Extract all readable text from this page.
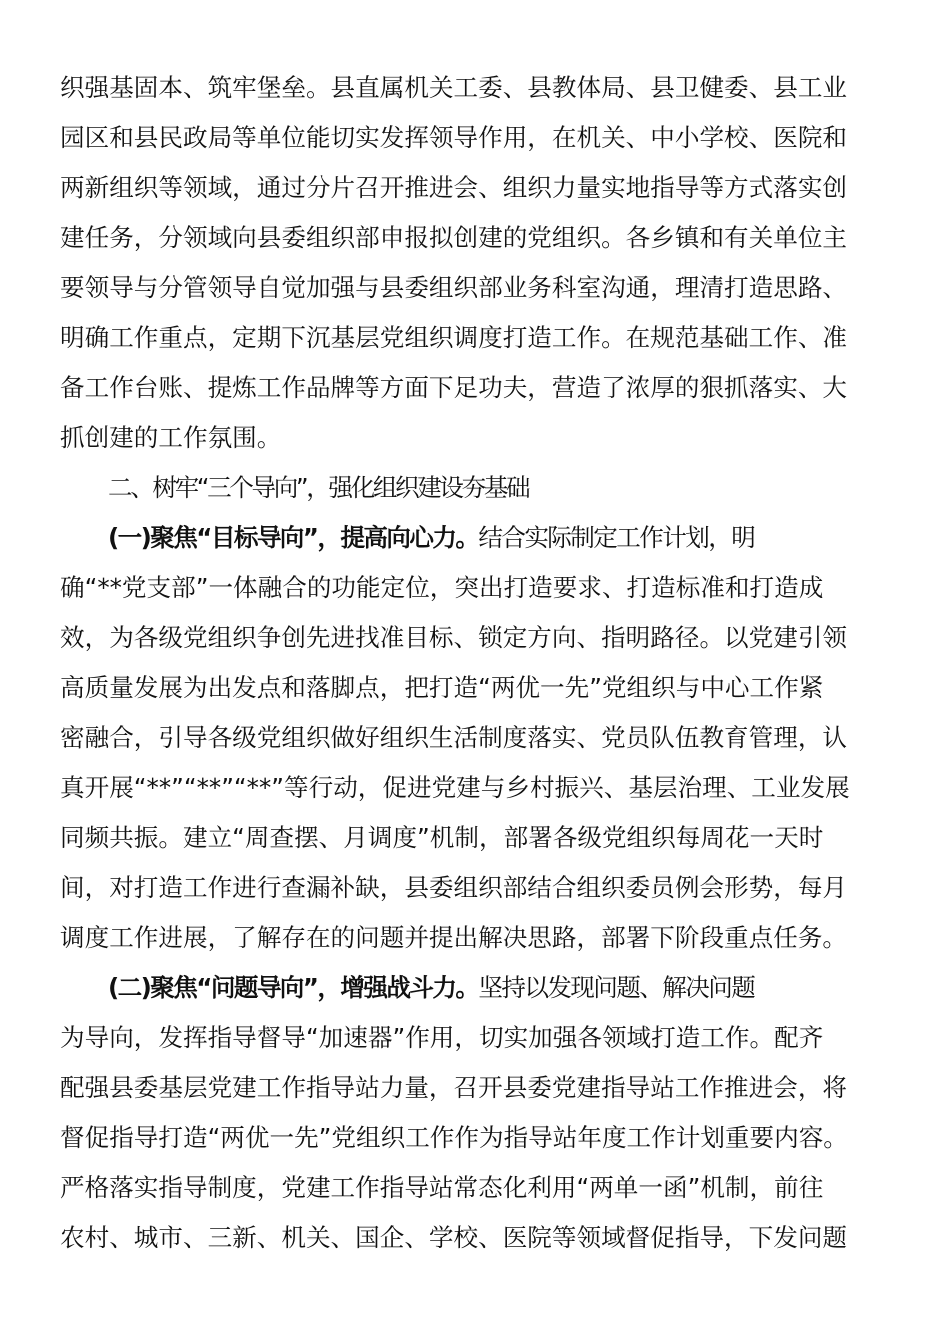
织强基固本、筑牢堡垒。县直属机关工委、县教体局、县卫健委、县工业
园区和县民政局等单位能切实发挥领导作用，在机关、中小学校、医院和
两新组织等领域，通过分片召开推进会、组织力量实地指导等方式落实创
建任务，分领域向县委组织部申报拟创建的党组织。各乡镇和有关单位主
要领导与分管领导自觉加强与县委组织部业务科室沟通，理清打造思路、
明确工作重点，定期下沉基层党组织调度打造工作。在规范基础工作、准
备工作台账、提炼工作品牌等方面下足功夫，营造了浓厚的狠抓落实、大
抓创建的工作氛围。
二、树牢“三个导向”，强化组织建设夯基础
(一)聚焦“目标导向”，提高向心力。结合实际制定工作计划，明
确“**党支部”一体融合的功能定位，突出打造要求、打造标准和打造成
效，为各级党组织争创先进找准目标、锁定方向、指明路径。以党建引领
高质量发展为出发点和落脚点，把打造“两优一先”党组织与中心工作紧
密融合，引导各级党组织做好组织生活制度落实、党员队伍教育管理，认
真开展“**”“**”“**”等行动，促进党建与乡村振兴、基层治理、工业发展
同频共振。建立“周查摆、月调度”机制，部署各级党组织每周花一天时
间，对打造工作进行查漏补缺，县委组织部结合组织委员例会形势，每月
调度工作进展，了解存在的问题并提出解决思路，部署下阶段重点任务。
(二)聚焦“问题导向”，增强战斗力。坚持以发现问题、解决问题
为导向，发挥指导督导“加速器”作用，切实加强各领域打造工作。配齐
配强县委基层党建工作指导站力量，召开县委党建指导站工作推进会，将
督促指导打造“两优一先”党组织工作作为指导站年度工作计划重要内容。
严格落实指导制度，党建工作指导站常态化利用“两单一函”机制，前往
农村、城市、三新、机关、国企、学校、医院等领域督促指导，下发问题
